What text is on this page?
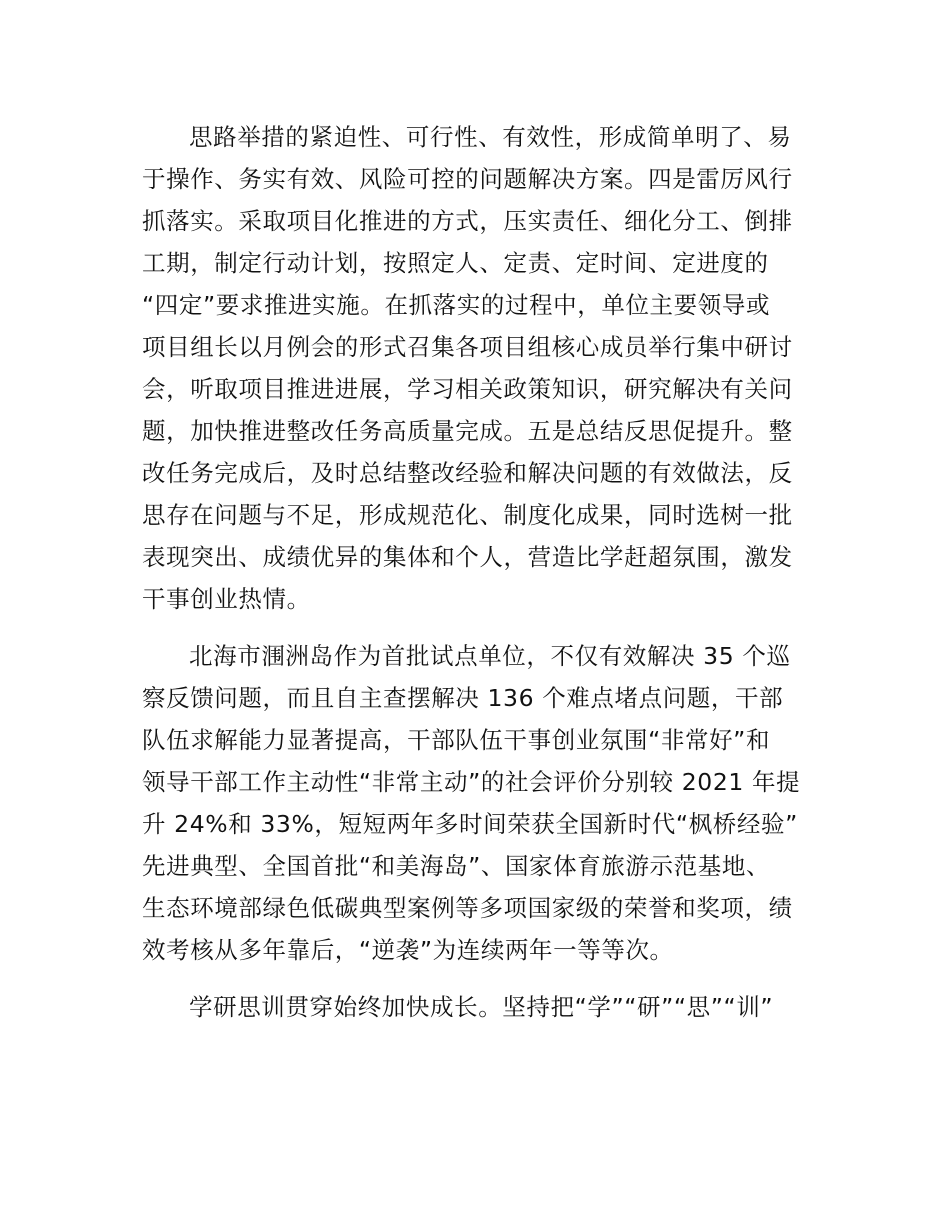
思路举措的紧迫性、可行性、有效性，形成简单明了、易
于操作、务实有效、风险可控的问题解决方案。四是雷厉风行
抓落实。采取项目化推进的方式，压实责任、细化分工、倒排
工期，制定行动计划，按照定人、定责、定时间、定进度的
“四定”要求推进实施。在抓落实的过程中，单位主要领导或
项目组长以月例会的形式召集各项目组核心成员举行集中研讨
会，听取项目推进进展，学习相关政策知识，研究解决有关问
题，加快推进整改任务高质量完成。五是总结反思促提升。整
改任务完成后，及时总结整改经验和解决问题的有效做法，反
思存在问题与不足，形成规范化、制度化成果，同时选树一批
表现突出、成绩优异的集体和个人，营造比学赶超氛围，激发
干事创业热情。
北海市涠洲岛作为首批试点单位，不仅有效解决 35 个巡
察反馈问题，而且自主查摆解决 136 个难点堵点问题，干部
队伍求解能力显著提高，干部队伍干事创业氛围“非常好”和
领导干部工作主动性“非常主动”的社会评价分别较 2021 年提
升 24%和 33%，短短两年多时间荣获全国新时代“枫桥经验”
先进典型、全国首批“和美海岛”、国家体育旅游示范基地、
生态环境部绿色低碳典型案例等多项国家级的荣誉和奖项，绩
效考核从多年靠后，“逆袭”为连续两年一等等次。
学研思训贯穿始终加快成长。坚持把“学”“研”“思”“训”
